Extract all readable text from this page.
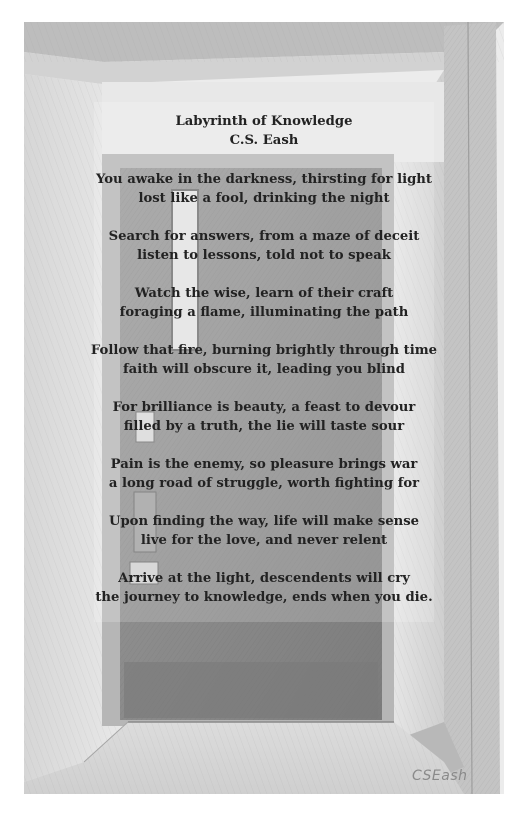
Labyrinth of Knowledge
C.S. Eash
You awake in the darkness, thirsting for light
lost like a fool, drinking the night
Search for answers, from a maze of deceit
listen to lessons, told not to speak
Watch the wise, learn of their craft
foraging a flame, illuminating the path
Follow that fire, burning brightly through time
faith will obscure it, leading you blind
For brilliance is beauty, a feast to devour
filled by a truth, the lie will taste sour
Pain is the enemy, so pleasure brings war
a long road of struggle, worth fighting for
Upon finding the way, life will make sense
live for the love, and never relent
Arrive at the light, descendents will cry
the journey to knowledge, ends when you die.
CSEash
